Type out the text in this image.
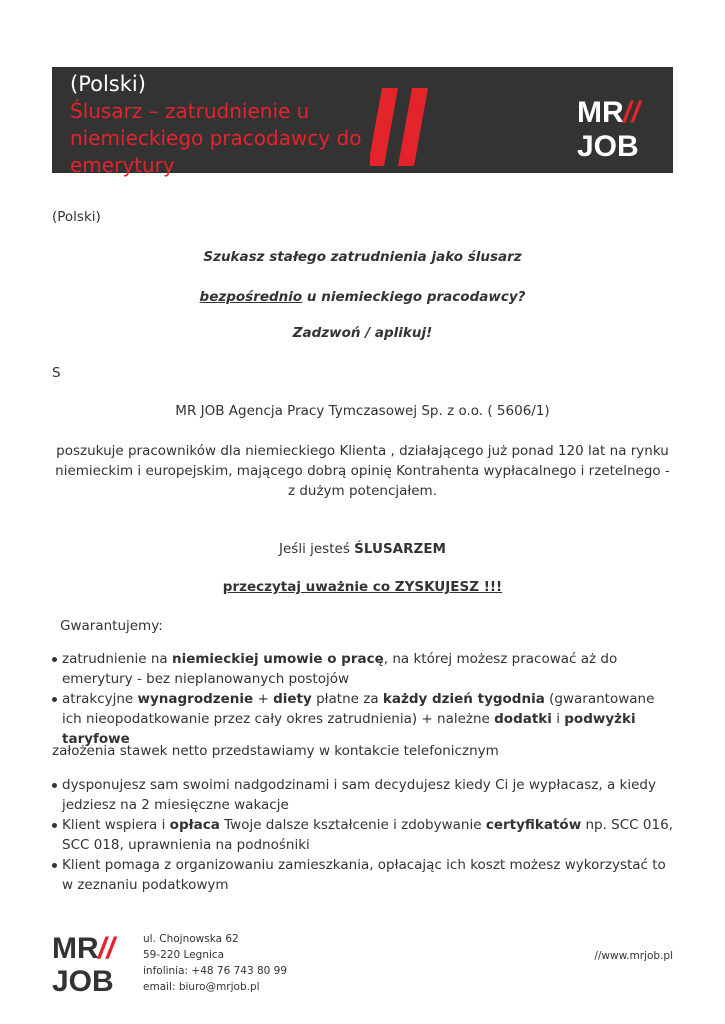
(Polski)
Ślusarz – zatrudnienie u niemieckiego pracodawcy do emerytury
MR //
JOB
(Polski)
Szukasz stałego zatrudnienia jako ślusarz
bezpośrednio u niemieckiego pracodawcy?
Zadzwoń / aplikuj!
S
MR JOB Agencja Pracy Tymczasowej Sp. z o.o. ( 5606/1)
poszukuje pracowników dla niemieckiego Klienta , działającego już ponad 120 lat na rynku niemieckim i europejskim, mającego dobrą opinię Kontrahenta wypłacalnego i rzetelnego - z dużym potencjałem.
Jeśli jesteś ŚLUSARZEM
przeczytaj uważnie co ZYSKUJESZ !!!
Gwarantujemy:
zatrudnienie na niemieckiej umowie o pracę, na której możesz pracować aż do emerytury - bez nieplanowanych postojów
atrakcyjne wynagrodzenie + diety płatne za każdy dzień tygodnia (gwarantowane ich nieopodatkowanie przez cały okres zatrudnienia) + należne dodatki i podwyżki taryfowe
założenia stawek netto przedstawiamy w kontakcie telefonicznym
dysponujesz sam swoimi nadgodzinami i sam decydujesz kiedy Ci je wypłacasz, a kiedy jedziesz na 2 miesięczne wakacje
Klient wspiera i opłaca Twoje dalsze kształcenie i zdobywanie certyfikatów np. SCC 016, SCC 018, uprawnienia na podnośniki
Klient pomaga z organizowaniu zamieszkania, opłacając ich koszt możesz wykorzystać to w zeznaniu podatkowym
MR //
JOB
ul. Chojnowska 62
59-220 Legnica
infolinia: +48 76 743 80 99
email: biuro@mrjob.pl
//www.mrjob.pl
